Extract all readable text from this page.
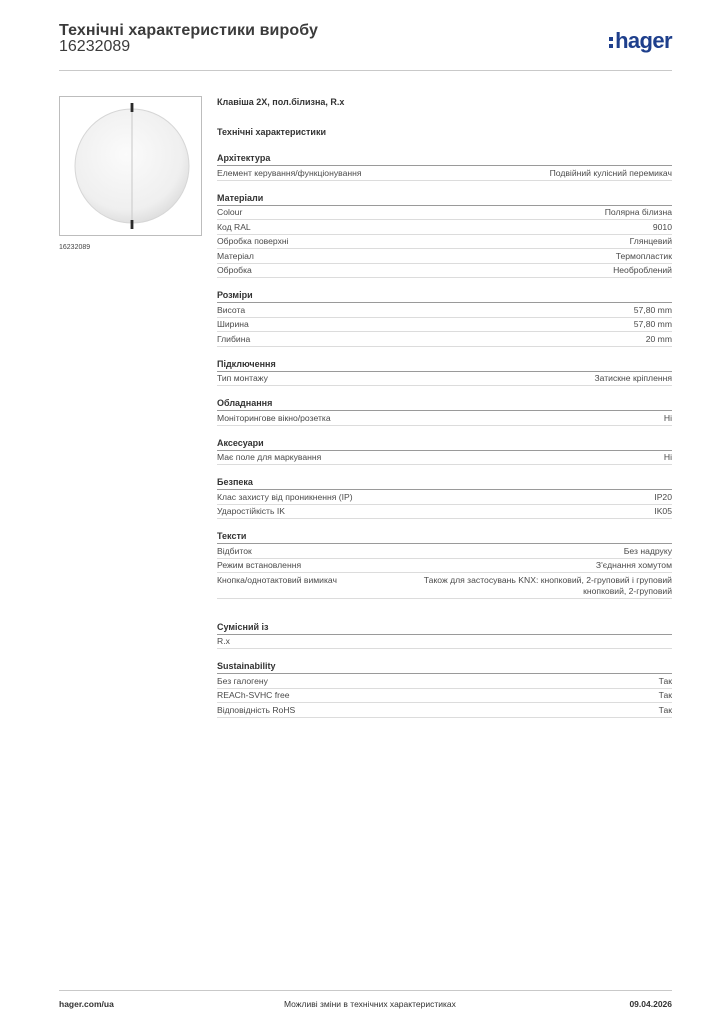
Технічні характеристики виробу
16232089	hager
16232089
Клавіша 2Х, пол.білизна, R.x
Технічні характеристики
Архітектура
Елемент керування/функціонування	Подвійний кулісний перемикач
Матеріали
Colour	Полярна білизна
Код RAL	9010
Обробка поверхні	Глянцевий
Матеріал	Термопластик
Обробка	Необроблений
Розміри
Висота	57,80 mm
Ширина	57,80 mm
Глибина	20 mm
Підключення
Тип монтажу	Затискне кріплення
Обладнання
Моніторингове вікно/розетка	Ні
Аксесуари
Має поле для маркування	Ні
Безпека
Клас захисту від проникнення (IP)	IP20
Ударостійкість IK	IK05
Тексти
Відбиток	Без надруку
Режим встановлення	З'єднання хомутом
Кнопка/однотактовий вимикач	Також для застосувань KNX: кнопковий, 2-груповий і груповий кнопковий, 2-груповий
Сумісний із
R.x
Sustainability
Без галогену	Так
REACh-SVHC free	Так
Відповідність RoHS	Так
hager.com/ua	Можливі зміни в технічних характеристиках	09.04.2026
